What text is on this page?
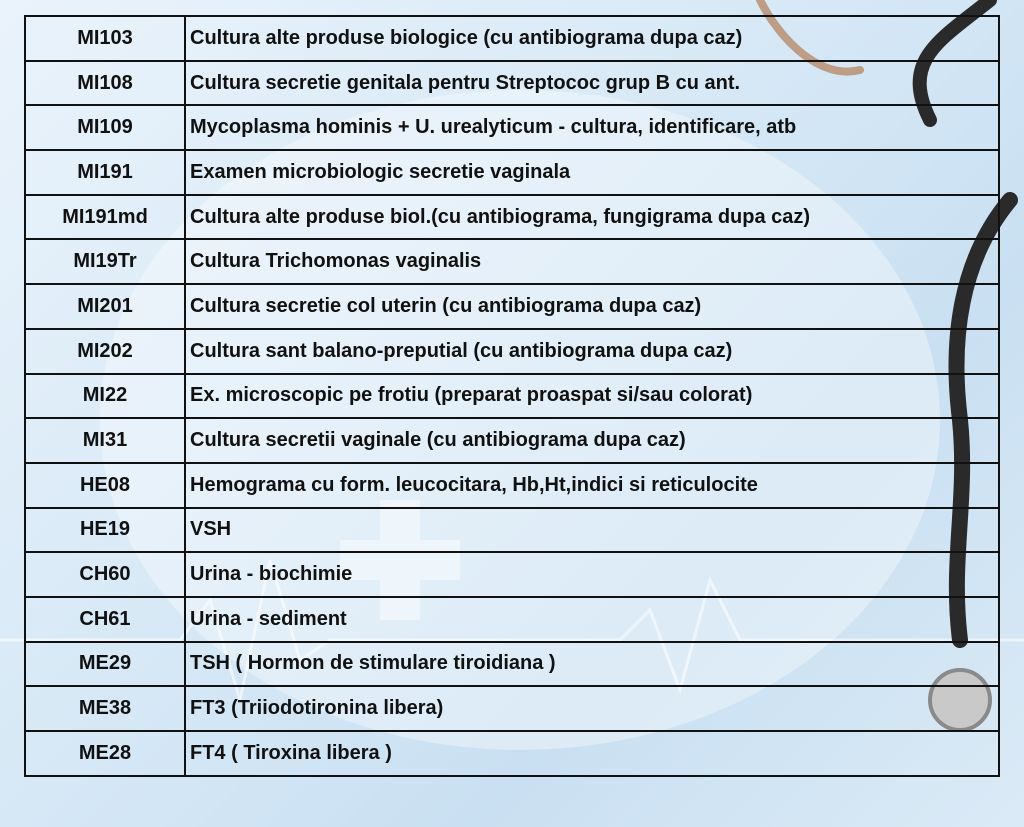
MI103	Cultura alte produse biologice (cu antibiograma dupa caz)
MI108	Cultura secretie genitala pentru Streptococ grup B cu ant.
MI109	Mycoplasma hominis + U. urealyticum - cultura, identificare, atb
MI191	Examen microbiologic secretie vaginala
MI191md	Cultura alte produse biol.(cu antibiograma, fungigrama dupa caz)
MI19Tr	Cultura Trichomonas vaginalis
MI201	Cultura secretie col uterin (cu antibiograma dupa caz)
MI202	Cultura sant balano-preputial (cu antibiograma dupa caz)
MI22	Ex. microscopic pe frotiu (preparat proaspat si/sau colorat)
MI31	Cultura secretii vaginale (cu antibiograma dupa caz)
HE08	Hemograma cu form. leucocitara, Hb,Ht,indici si reticulocite
HE19	VSH
CH60	Urina - biochimie
CH61	Urina - sediment
ME29	TSH ( Hormon de stimulare tiroidiana )
ME38	FT3 (Triiodotironina libera)
ME28	FT4 ( Tiroxina libera )
